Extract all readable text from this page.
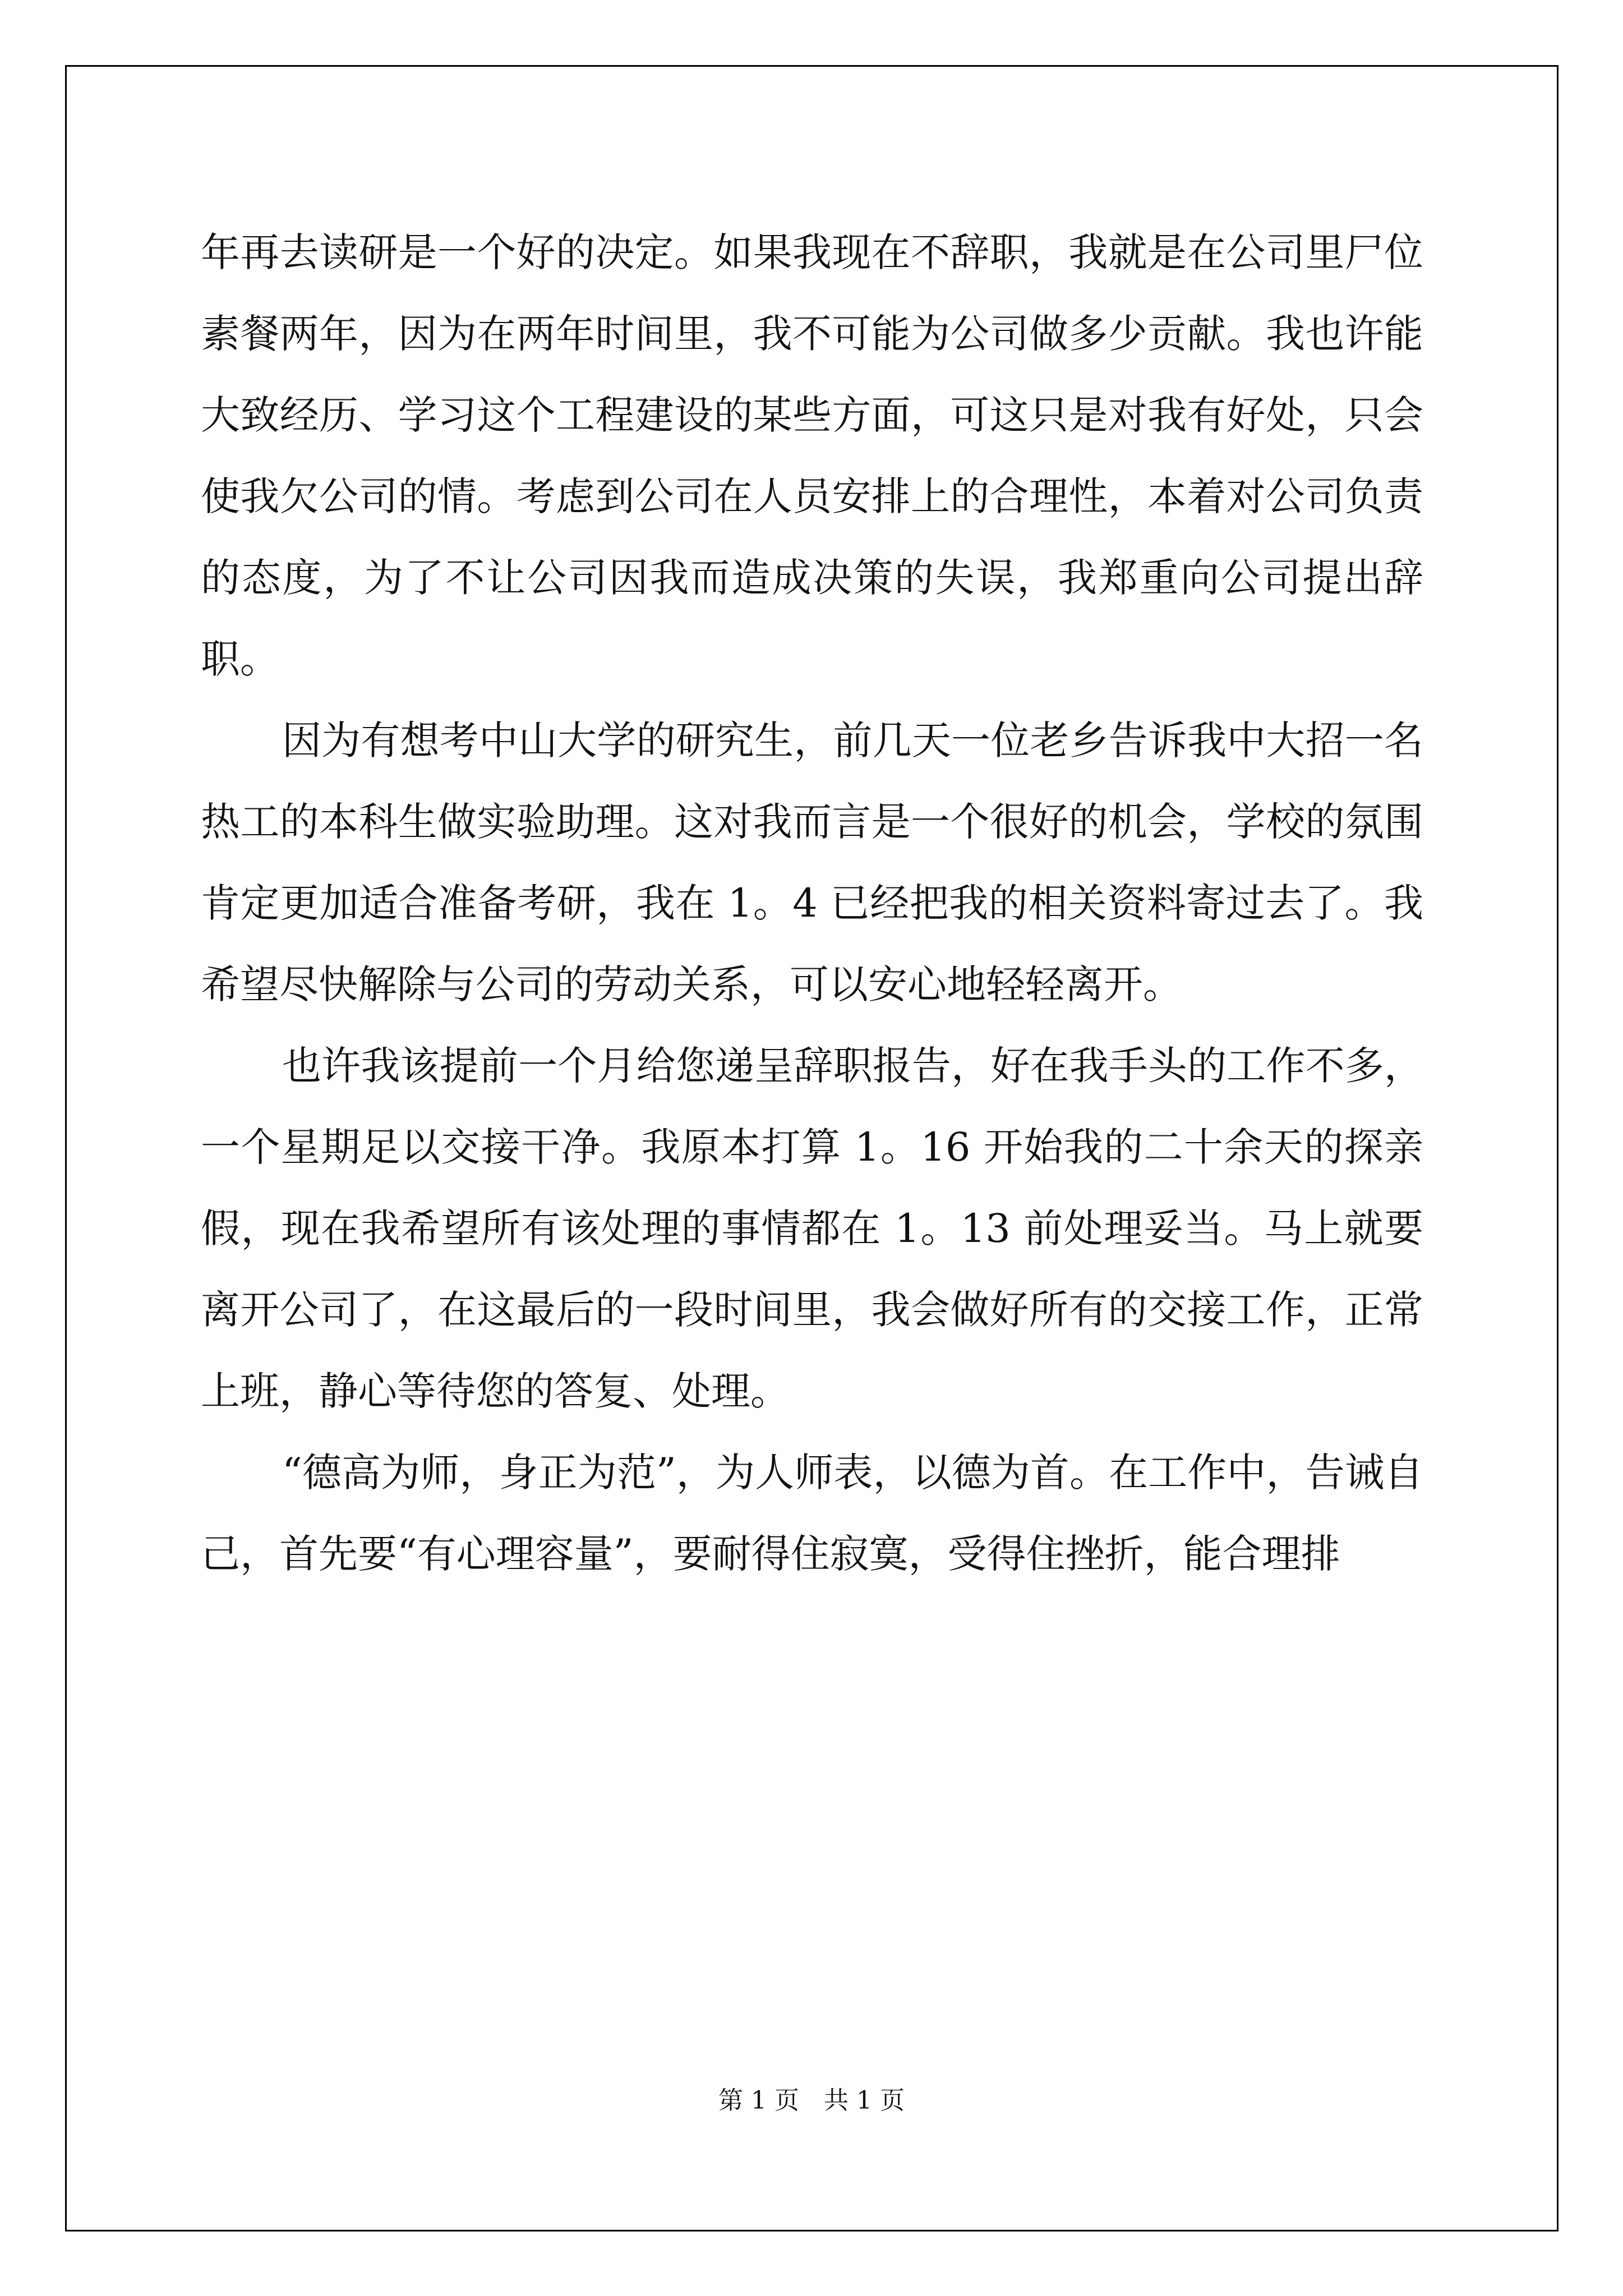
年再去读研是一个好的决定。如果我现在不辞职，我就是在公司里尸位素餐两年，因为在两年时间里，我不可能为公司做多少贡献。我也许能大致经历、学习这个工程建设的某些方面，可这只是对我有好处，只会使我欠公司的情。考虑到公司在人员安排上的合理性，本着对公司负责的态度，为了不让公司因我而造成决策的失误，我郑重向公司提出辞职。

因为有想考中山大学的研究生，前几天一位老乡告诉我中大招一名热工的本科生做实验助理。这对我而言是一个很好的机会，学校的氛围肯定更加适合准备考研，我在 1。4 已经把我的相关资料寄过去了。我希望尽快解除与公司的劳动关系，可以安心地轻轻离开。

也许我该提前一个月给您递呈辞职报告，好在我手头的工作不多，一个星期足以交接干净。我原本打算 1。16 开始我的二十余天的探亲假，现在我希望所有该处理的事情都在 1。13 前处理妥当。马上就要离开公司了，在这最后的一段时间里，我会做好所有的交接工作，正常上班，静心等待您的答复、处理。

“德高为师，身正为范”，为人师表，以德为首。在工作中，告诫自己，首先要“有心理容量”，要耐得住寂寞，受得住挫折，能合理排

第 1 页　共 1 页
